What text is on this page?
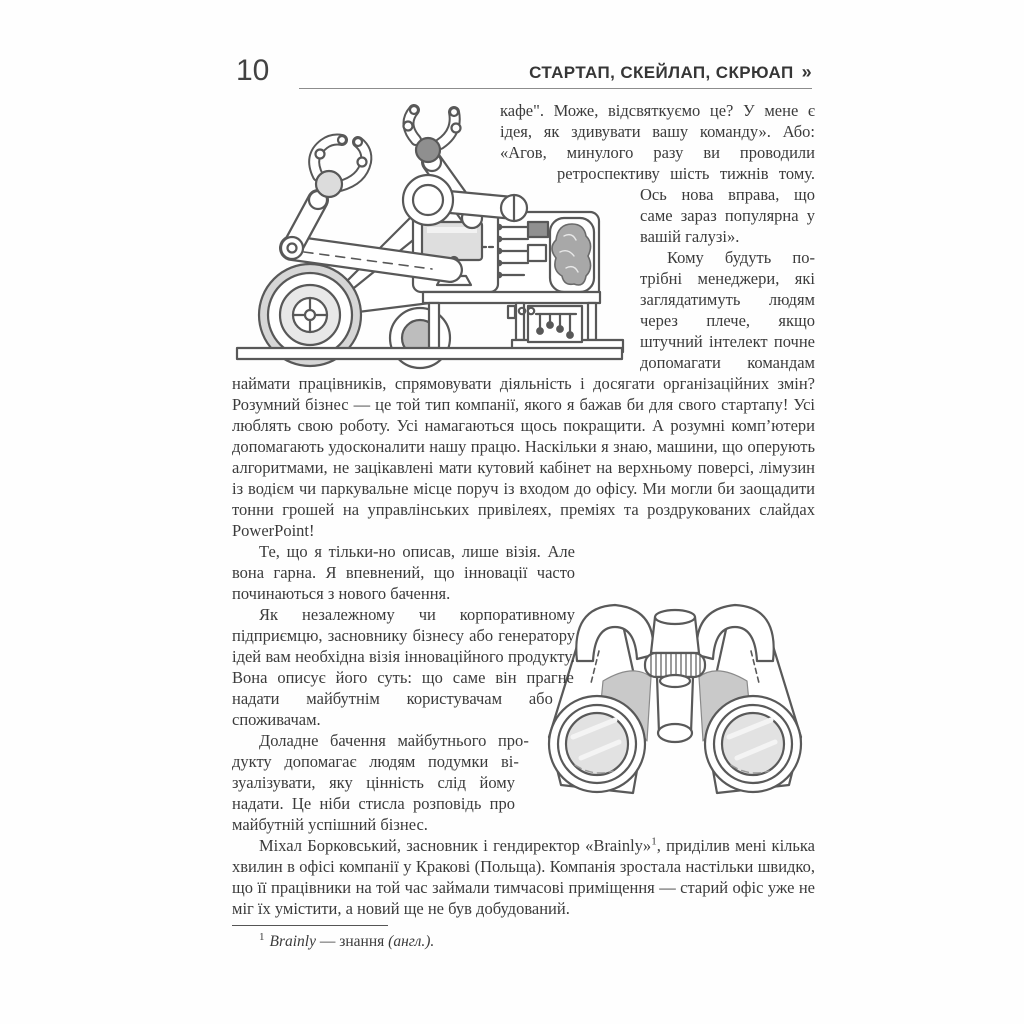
10	СТАРТАП, СКЕЙЛАП, СКРЮАП »

кафе". Може, відсвяткуємо це? У мене є ідея, як здивувати вашу команду». Або: «Агов, минулого разу ви проводили ретроспективу шість тижнів тому. Ось нова вправа, що саме зараз популярна у вашій галузі».

Кому будуть потрібні менеджери, які заглядатимуть людям через плече, якщо штучний інтелект почне допомагати командам наймати працівників, спрямовувати діяльність і досягати організаційних змін? Розумний бізнес — це той тип компанії, якого я бажав би для свого стартапу! Усі люблять свою роботу. Усі намагаються щось покращити. А розумні комп’ютери допомагають удосконалити нашу працю. Наскільки я знаю, машини, що оперують алгоритмами, не зацікавлені мати кутовий кабінет на верхньому поверсі, лімузин із водієм чи паркувальне місце поруч із входом до офісу. Ми могли би заощадити тонни грошей на управлінських привілеях, преміях та роздрукованих слайдах PowerPoint!

Те, що я тільки-но описав, лише візія. Але вона гарна. Я впевнений, що інновації часто починаються з нового бачення.

Як незалежному чи корпоративному підприємцю, засновнику бізнесу або генератору ідей вам необхідна візія інноваційного продукту. Вона описує його суть: що саме він прагне надати майбутнім користувачам або споживачам.

Доладне бачення майбутнього продукту допомагає людям подумки візуалізувати, яку цінність слід йому надати. Це ніби стисла розповідь про майбутній успішний бізнес.

Міхал Борковський, засновник і гендиректор «Brainly»$^1$, приділив мені кілька хвилин в офісі компанії у Кракові (Польща). Компанія зростала настільки швидко, що її працівники на той час займали тимчасові приміщення — старий офіс уже не міг їх умістити, а новий ще не був добудований.

$^1$ Brainly — знання (англ.).
